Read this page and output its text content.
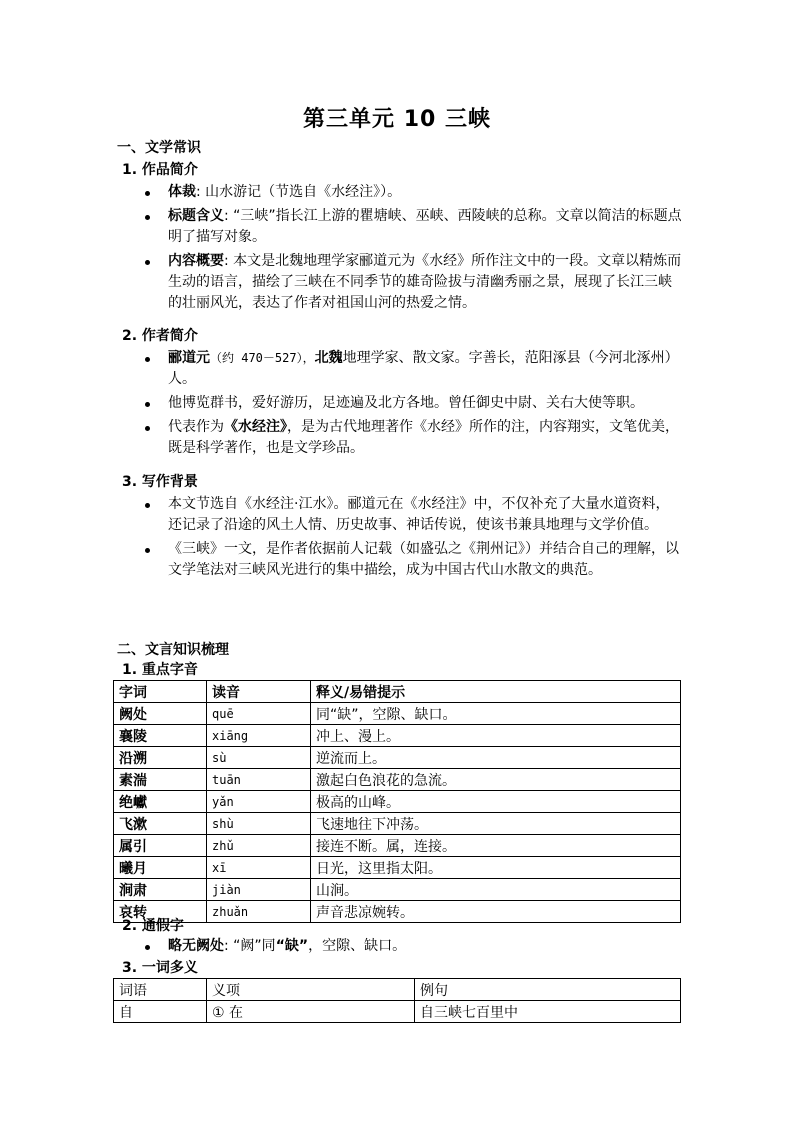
第三单元 10 三峡
一、文学常识
1. 作品简介
体裁: 山水游记（节选自《水经注》）。
标题含义: “三峡”指长江上游的瞿塘峡、巫峡、西陵峡的总称。文章以简洁的标题点明了描写对象。
内容概要: 本文是北魏地理学家郦道元为《水经》所作注文中的一段。文章以精炼而生动的语言，描绘了三峡在不同季节的雄奇险拔与清幽秀丽之景，展现了长江三峡的壮丽风光，表达了作者对祖国山河的热爱之情。
2. 作者简介
郦道元（约 470－527），北魏地理学家、散文家。字善长，范阳涿县（今河北涿州）人。
他博览群书，爱好游历，足迹遍及北方各地。曾任御史中尉、关右大使等职。
代表作为《水经注》，是为古代地理著作《水经》所作的注，内容翔实，文笔优美，既是科学著作，也是文学珍品。
3. 写作背景
本文节选自《水经注·江水》。郦道元在《水经注》中，不仅补充了大量水道资料，还记录了沿途的风土人情、历史故事、神话传说，使该书兼具地理与文学价值。
《三峡》一文，是作者依据前人记载（如盛弘之《荆州记》）并结合自己的理解，以文学笔法对三峡风光进行的集中描绘，成为中国古代山水散文的典范。
二、文言知识梳理
1. 重点字音
字词	读音	释义/易错提示
阙处	quē	同“缺”，空隙、缺口。
襄陵	xiāng	冲上、漫上。
沿溯	sù	逆流而上。
素湍	tuān	激起白色浪花的急流。
绝巘	yǎn	极高的山峰。
飞漱	shù	飞速地往下冲荡。
属引	zhǔ	接连不断。属，连接。
曦月	xī	日光，这里指太阳。
涧肃	jiàn	山涧。
哀转	zhuǎn	声音悲凉婉转。
2. 通假字
略无阙处: “阙”同“缺”，空隙、缺口。
3. 一词多义
词语	义项	例句
自	① 在	自三峡七百里中
